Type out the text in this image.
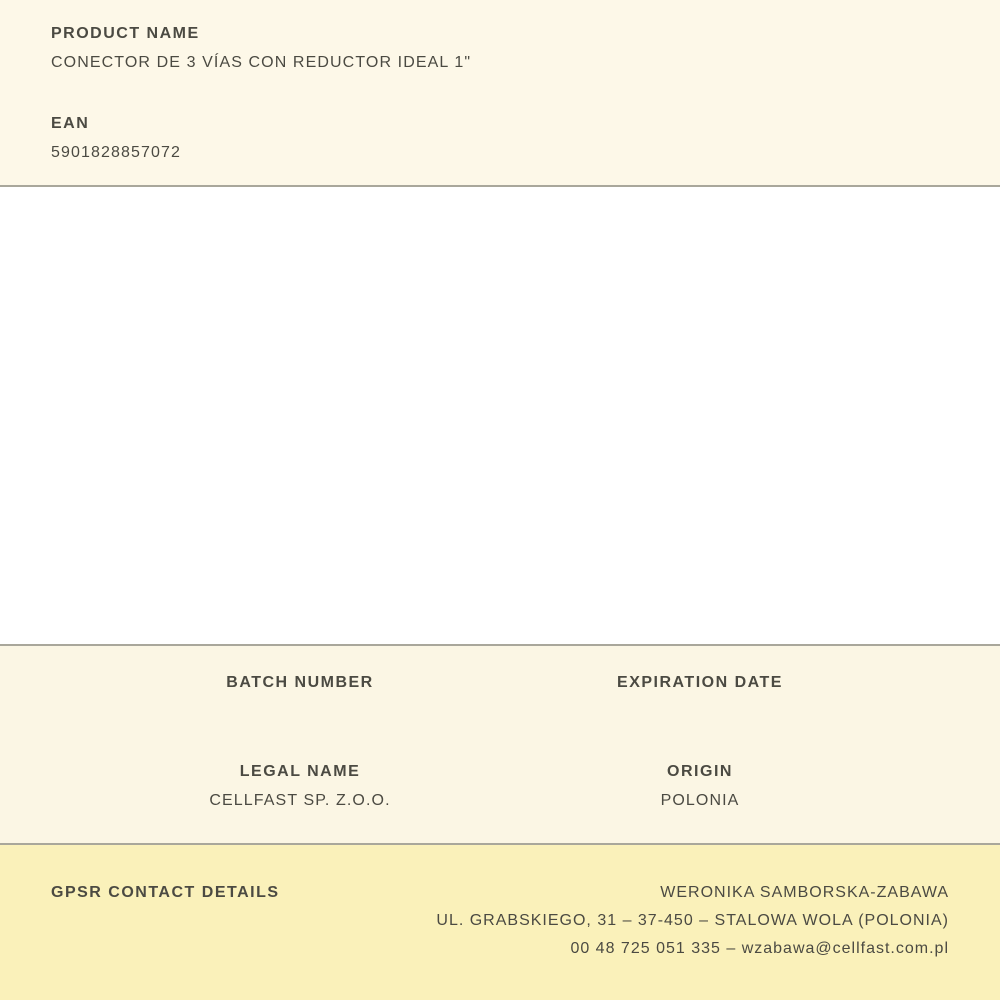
PRODUCT NAME
CONECTOR DE 3 VÍAS CON REDUCTOR IDEAL 1"
EAN
5901828857072
BATCH NUMBER	EXPIRATION DATE
LEGAL NAME
CELLFAST SP. Z.O.O.
ORIGIN
POLONIA
GPSR CONTACT DETAILS	WERONIKA SAMBORSKA-ZABAWA
UL. GRABSKIEGO, 31 – 37-450 – STALOWA WOLA (POLONIA)
00 48 725 051 335 – wzabawa@cellfast.com.pl
